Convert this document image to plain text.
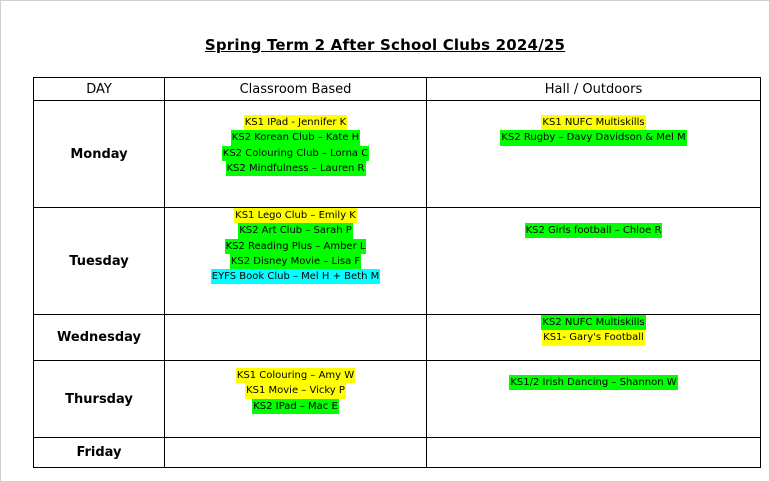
Spring Term 2 After School Clubs 2024/25
DAY	Classroom Based	Hall / Outdoors
Monday	KS1 IPad - Jennifer K
KS2 Korean Club – Kate H
KS2 Colouring Club – Lorna C
KS2 Mindfulness – Lauren R	KS1 NUFC Multiskills
KS2 Rugby – Davy Davidson & Mel M

Tuesday	KS1 Lego Club – Emily K
KS2 Art Club – Sarah P
KS2 Reading Plus – Amber L
KS2 Disney Movie – Lisa F
EYFS Book Club – Mel H + Beth M	KS2 Girls football – Chloe R

Wednesday		KS2 NUFC Multiskills
KS1- Gary's Football

Thursday	KS1 Colouring – Amy W
KS1 Movie – Vicky P
KS2 IPad – Mac E	KS1/2 Irish Dancing – Shannon W

Friday		
